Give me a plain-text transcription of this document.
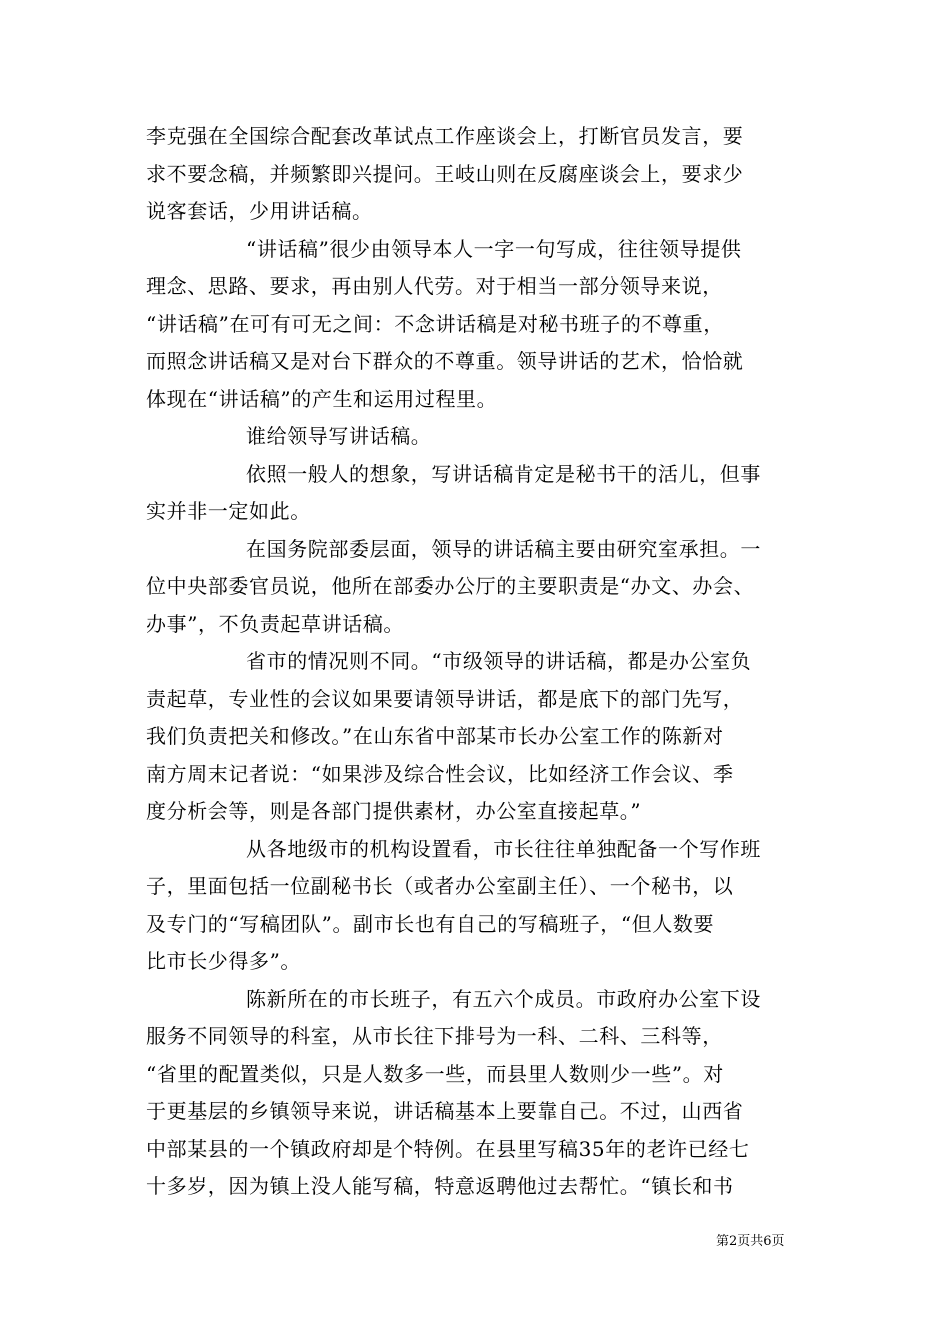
李克强在全国综合配套改革试点工作座谈会上，打断官员发言，要
求不要念稿，并频繁即兴提问。王岐山则在反腐座谈会上，要求少
说客套话，少用讲话稿。
“讲话稿”很少由领导本人一字一句写成，往往领导提供
理念、思路、要求，再由别人代劳。对于相当一部分领导来说，
“讲话稿”在可有可无之间：不念讲话稿是对秘书班子的不尊重，
而照念讲话稿又是对台下群众的不尊重。领导讲话的艺术，恰恰就
体现在“讲话稿”的产生和运用过程里。
谁给领导写讲话稿。
依照一般人的想象，写讲话稿肯定是秘书干的活儿，但事
实并非一定如此。
在国务院部委层面，领导的讲话稿主要由研究室承担。一
位中央部委官员说，他所在部委办公厅的主要职责是“办文、办会、
办事”，不负责起草讲话稿。
省市的情况则不同。“市级领导的讲话稿，都是办公室负
责起草，专业性的会议如果要请领导讲话，都是底下的部门先写，
我们负责把关和修改。”在山东省中部某市长办公室工作的陈新对
南方周末记者说：“如果涉及综合性会议，比如经济工作会议、季
度分析会等，则是各部门提供素材，办公室直接起草。”
从各地级市的机构设置看，市长往往单独配备一个写作班
子，里面包括一位副秘书长（或者办公室副主任）、一个秘书，以
及专门的“写稿团队”。副市长也有自己的写稿班子，“但人数要
比市长少得多”。
陈新所在的市长班子，有五六个成员。市政府办公室下设
服务不同领导的科室，从市长往下排号为一科、二科、三科等，
“省里的配置类似，只是人数多一些，而县里人数则少一些”。对
于更基层的乡镇领导来说，讲话稿基本上要靠自己。不过，山西省
中部某县的一个镇政府却是个特例。在县里写稿35年的老许已经七
十多岁，因为镇上没人能写稿，特意返聘他过去帮忙。“镇长和书
第2页共6页
